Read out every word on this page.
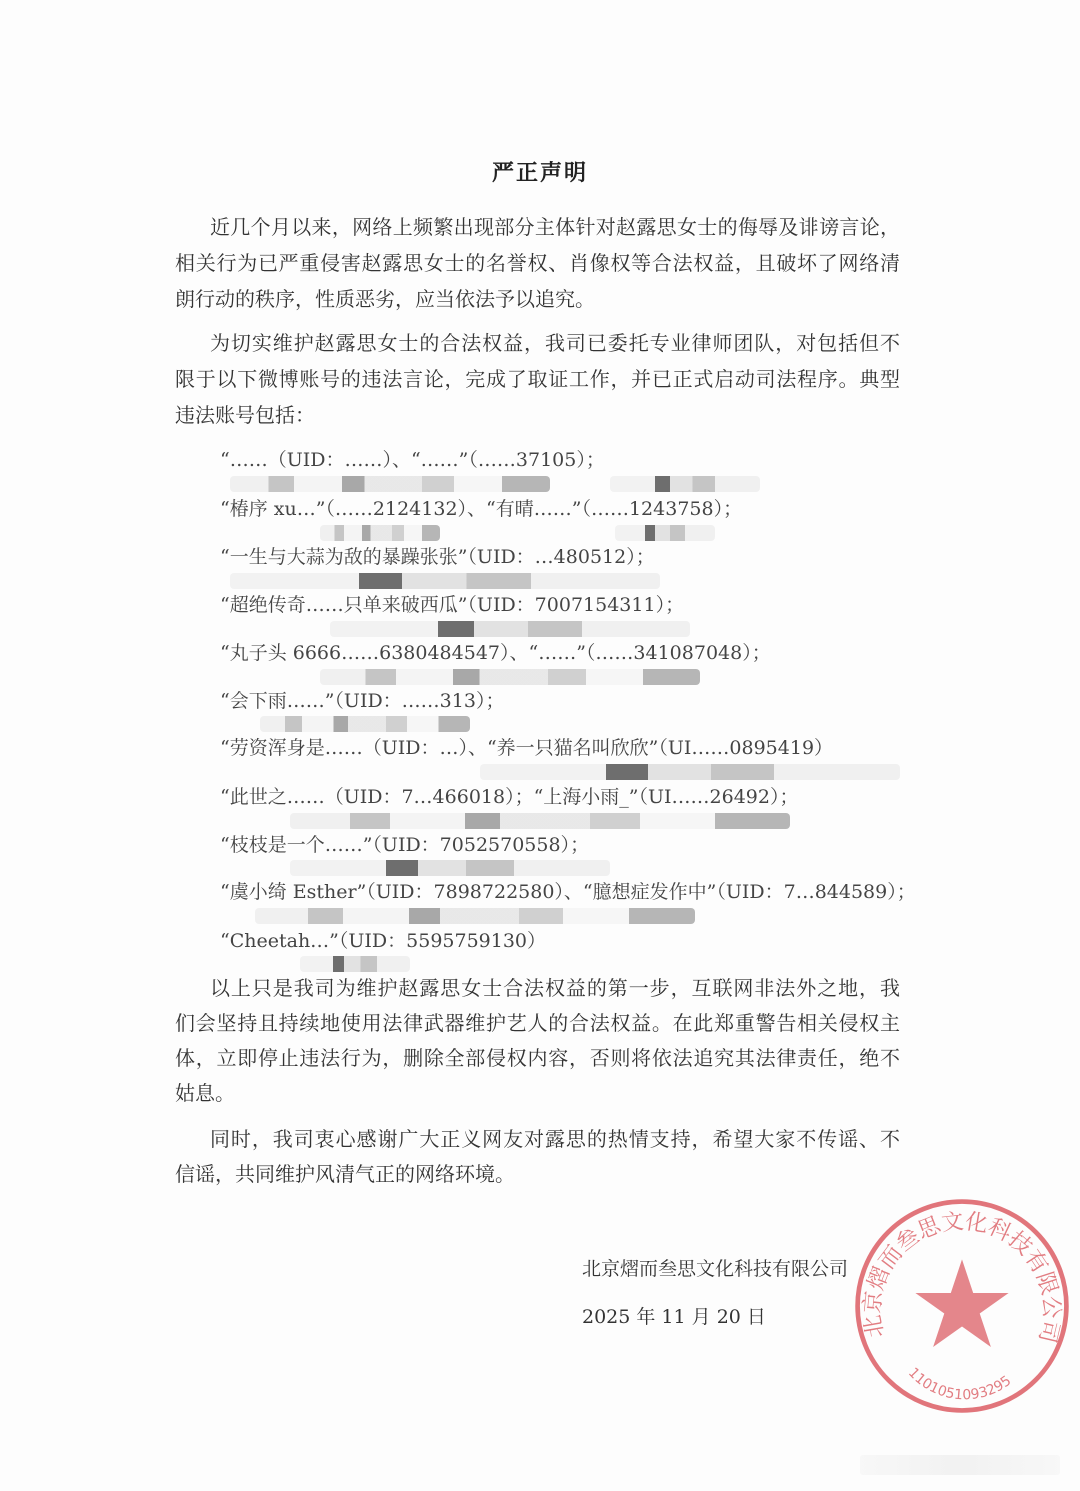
严正声明
近几个月以来，网络上频繁出现部分主体针对赵露思女士的侮辱及诽谤言论，
相关行为已严重侵害赵露思女士的名誉权、肖像权等合法权益，且破坏了网络清
朗行动的秩序，性质恶劣，应当依法予以追究。
为切实维护赵露思女士的合法权益，我司已委托专业律师团队，对包括但不
限于以下微博账号的违法言论，完成了取证工作，并已正式启动司法程序。典型
违法账号包括：
“……（UID：……）、“……”（……37105）；
“椿序 xu…”（……2124132）、“有晴……”（……1243758）；
“一生与大蒜为敌的暴躁张张”（UID：…480512）；
“超绝传奇……只单来破西瓜”（UID：7007154311）；
“丸子头 6666……6380484547）、“……”（……341087048）；
“会下雨……”（UID：……313）；
“劳资浑身是……（UID：…）、“养一只猫名叫欣欣”（UI……0895419）
“此世之……（UID：7…466018）；“上海小雨_”（UI……26492）；
“枝枝是一个……”（UID：7052570558）；
“虞小绮 Esther”（UID：7898722580）、“臆想症发作中”（UID：7…844589）；
“Cheetah…”（UID：5595759130）
以上只是我司为维护赵露思女士合法权益的第一步，互联网非法外之地，我
们会坚持且持续地使用法律武器维护艺人的合法权益。在此郑重警告相关侵权主
体，立即停止违法行为，删除全部侵权内容，否则将依法追究其法律责任，绝不
姑息。
同时，我司衷心感谢广大正义网友对露思的热情支持，希望大家不传谣、不
信谣，共同维护风清气正的网络环境。
北京熠而叁思文化科技有限公司
1101051093295
北京熠而叁思文化科技有限公司
2025 年 11 月 20 日
